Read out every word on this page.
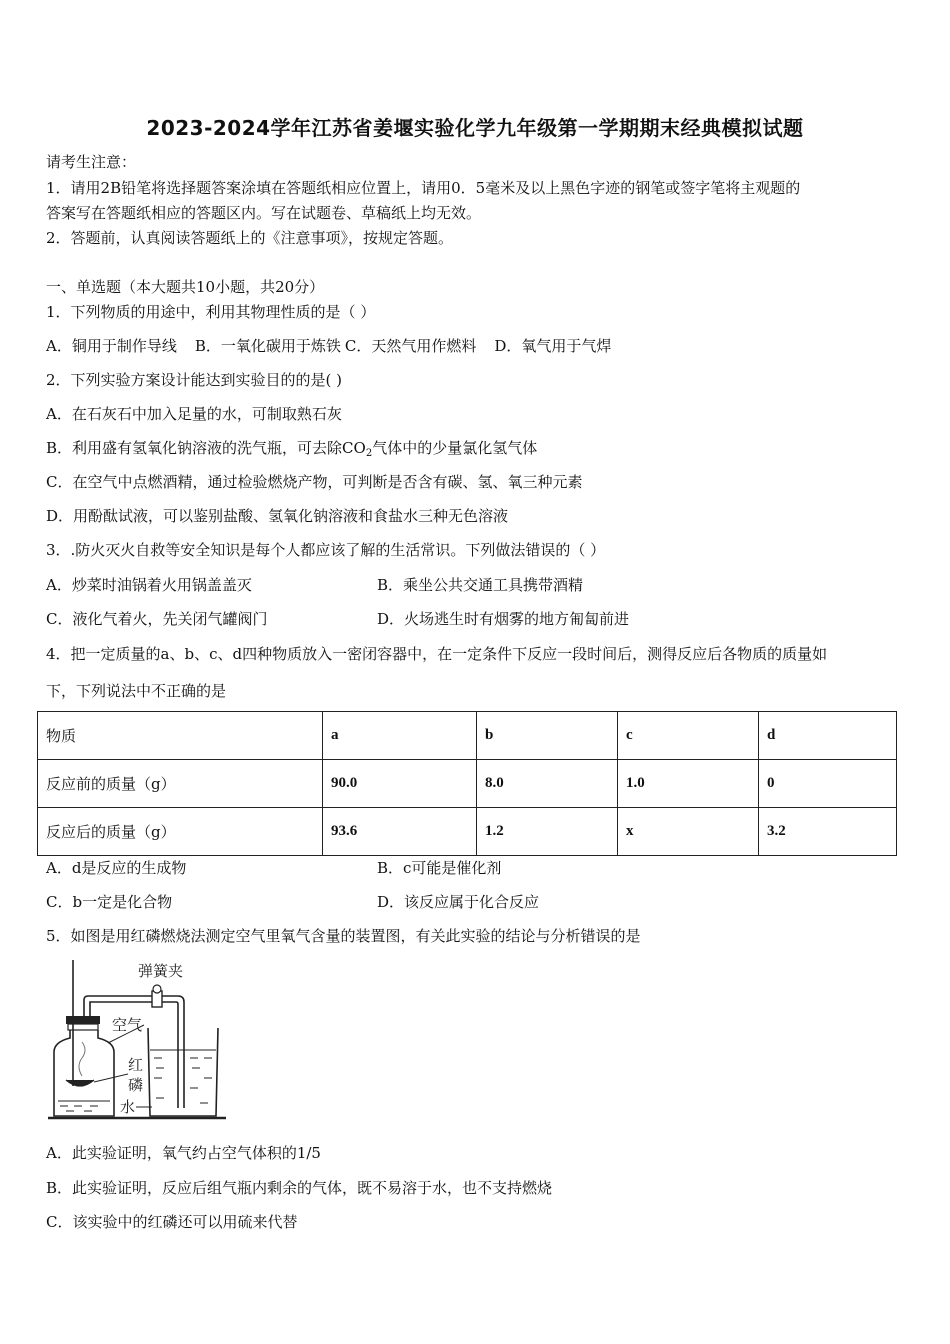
2023-2024学年江苏省姜堰实验化学九年级第一学期期末经典模拟试题
请考生注意：
1．请用2B铅笔将选择题答案涂填在答题纸相应位置上，请用0．5毫米及以上黑色字迹的钢笔或签字笔将主观题的
答案写在答题纸相应的答题区内。写在试题卷、草稿纸上均无效。
2．答题前，认真阅读答题纸上的《注意事项》，按规定答题。
一、单选题（本大题共10小题，共20分）
1．下列物质的用途中，利用其物理性质的是（ ）
A．铜用于制作导线 B．一氧化碳用于炼铁 C．天然气用作燃料 D．氧气用于气焊
2．下列实验方案设计能达到实验目的的是( )
A．在石灰石中加入足量的水，可制取熟石灰
B．利用盛有氢氧化钠溶液的洗气瓶，可去除$CO_2$气体中的少量氯化氢气体
C．在空气中点燃酒精，通过检验燃烧产物，可判断是否含有碳、氢、氧三种元素
D．用酚酞试液，可以鉴别盐酸、氢氧化钠溶液和食盐水三种无色溶液
3．.防火灭火自救等安全知识是每个人都应该了解的生活常识。下列做法错误的（ ）
A．炒菜时油锅着火用锅盖盖灭	B．乘坐公共交通工具携带酒精
C．液化气着火，先关闭气罐阀门	D．火场逃生时有烟雾的地方匍匐前进
4．把一定质量的a、b、c、d四种物质放入一密闭容器中，在一定条件下反应一段时间后，测得反应后各物质的质量如
下，下列说法中不正确的是
物质	a	b	c	d
反应前的质量（g）	90.0	8.0	1.0	0
反应后的质量（g）	93.6	1.2	x	3.2
A．d是反应的生成物	B．c可能是催化剂
C．b一定是化合物	D．该反应属于化合反应
5．如图是用红磷燃烧法测定空气里氧气含量的装置图，有关此实验的结论与分析错误的是
弹簧夹
空气
红
磷
水
A．此实验证明，氧气约占空气体积的1/5
B．此实验证明，反应后组气瓶内剩余的气体，既不易溶于水，也不支持燃烧
C．该实验中的红磷还可以用硫来代替
